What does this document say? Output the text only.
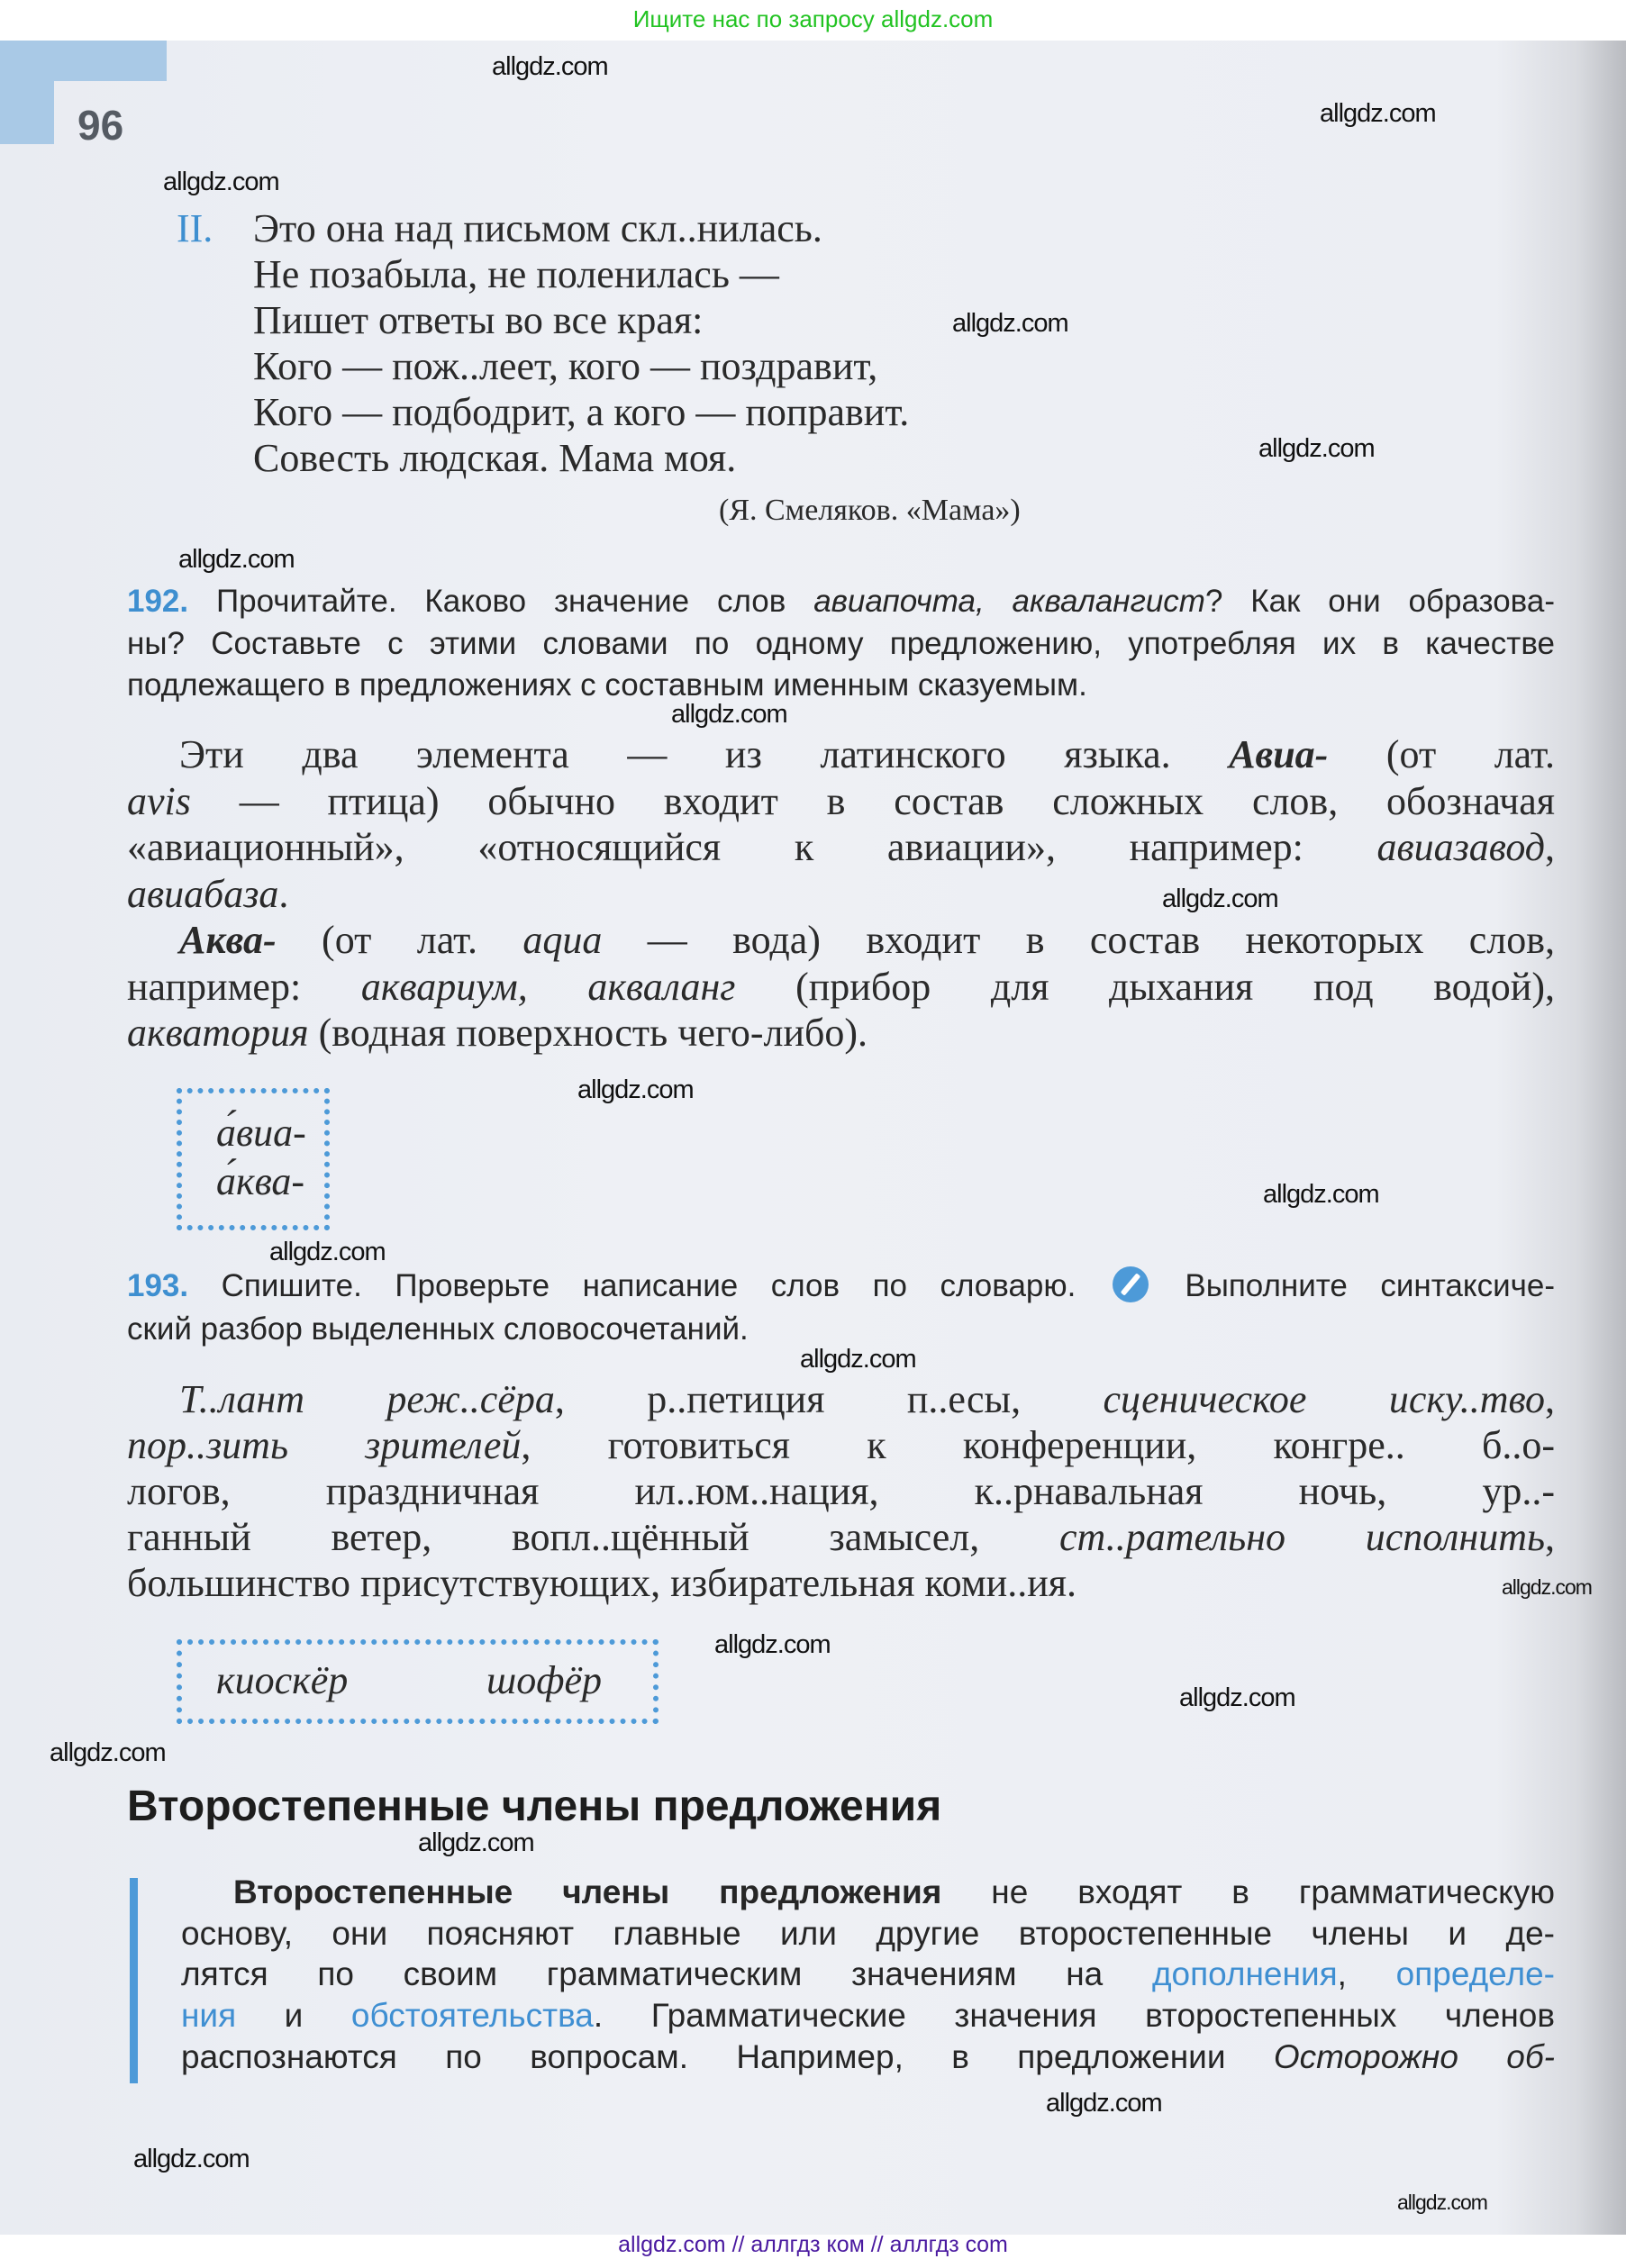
Ищите нас по запросу allgdz.com
96
II. Это она над письмом скл..нилась.
Не позабыла, не поленилась —
Пишет ответы во все края:
Кого — пож..леет, кого — поздравит,
Кого — подбодрит, а кого — поправит.
Совесть людская. Мама моя.
(Я. Смеляков. «Мама»)
192. Прочитайте. Каково значение слов авиапочта, аквалангист? Как они образова-
ны? Составьте с этими словами по одному предложению, употребляя их в качестве
подлежащего в предложениях с составным именным сказуемым.
Эти два элемента — из латинского языка. Авиа- (от лат.
avis — птица) обычно входит в состав сложных слов, обозначая
«авиационный», «относящийся к авиации», например: авиазавод,
авиабаза.
Аква- (от лат. aqua — вода) входит в состав некоторых слов,
например: аквариум, акваланг (прибор для дыхания под водой),
акватория (водная поверхность чего-либо).
а́виа-
а́ква-
193. Спишите. Проверьте написание слов по словарю.  Выполните синтаксиче-
ский разбор выделенных словосочетаний.
Т..лант реж..сёра, р..петиция п..есы, сценическое иску..тво,
пор..зить зрителей, готовиться к конференции, конгре.. б..о-
логов, праздничная ил..юм..нация, к..рнавальная ночь, ур..-
ганный ветер, вопл..щённый замысел, ст..рательно исполнить,
большинство присутствующих, избирательная коми..ия.
киоскёр	шофёр
Второстепенные члены предложения
Второстепенные члены предложения не входят в грамматическую
основу, они поясняют главные или другие второстепенные члены и де-
лятся по своим грамматическим значениям на дополнения, определе-
ния и обстоятельства. Грамматические значения второстепенных членов
распознаются по вопросам. Например, в предложении Осторожно об-
allgdz.com // аллгдз ком // аллгдз com
allgdz.com
allgdz.com
allgdz.com
allgdz.com
allgdz.com
allgdz.com
allgdz.com
allgdz.com
allgdz.com
allgdz.com
allgdz.com
allgdz.com
allgdz.com
allgdz.com
allgdz.com
allgdz.com
allgdz.com
allgdz.com
allgdz.com
allgdz.com
